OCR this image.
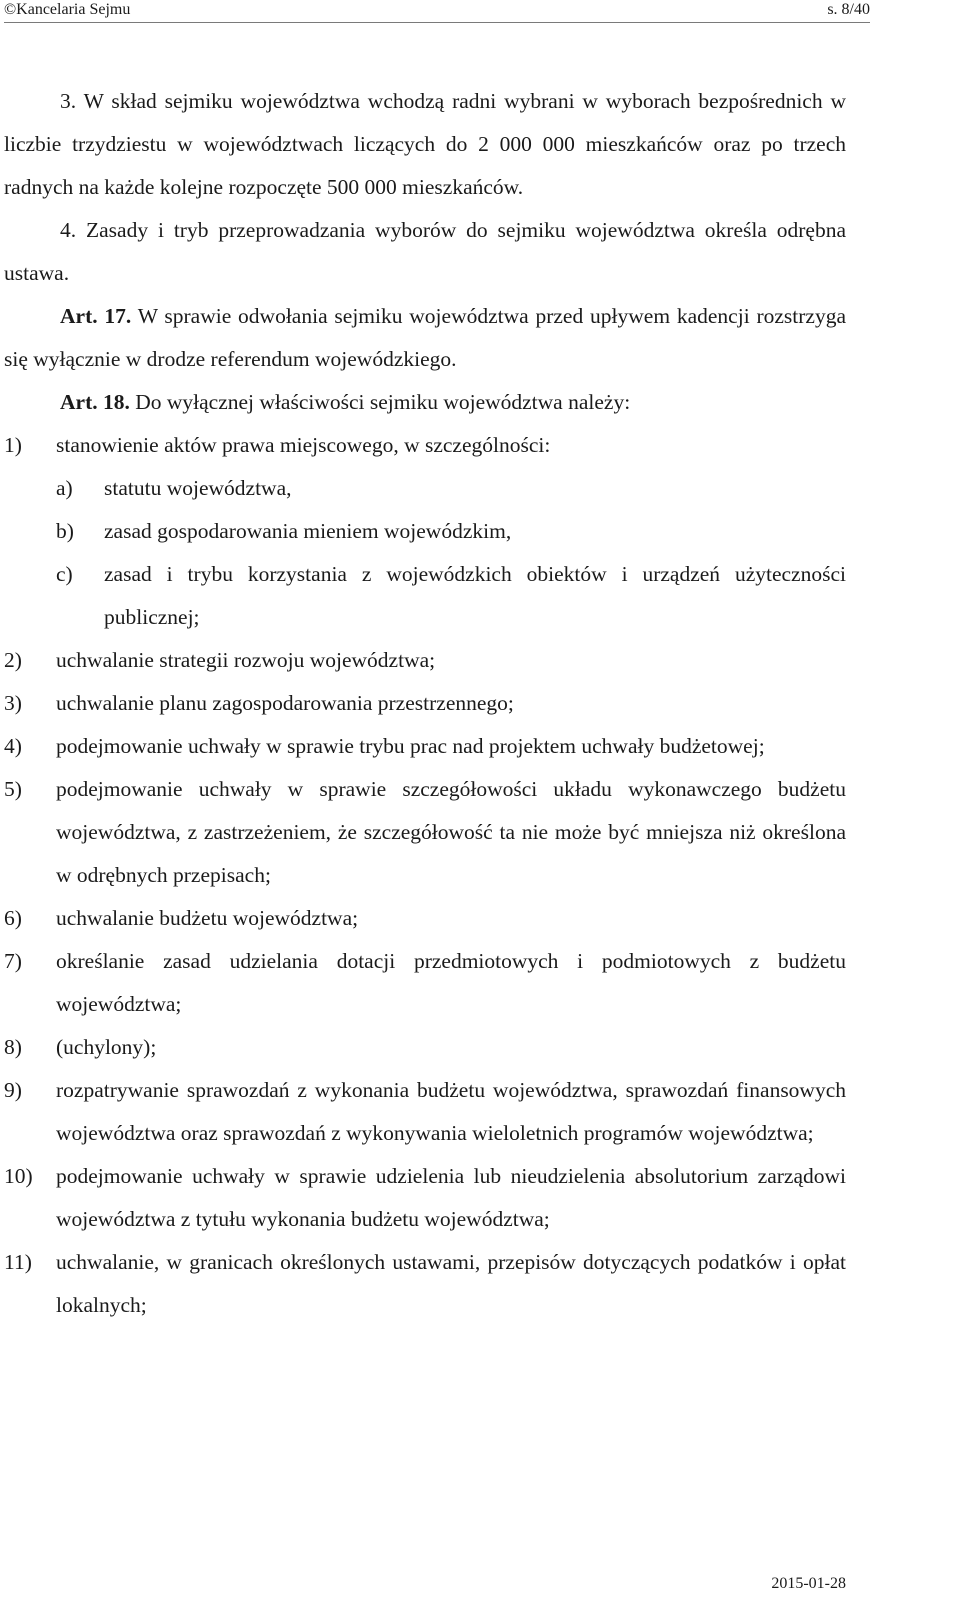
©Kancelaria Sejmu	s. 8/40

3. W skład sejmiku województwa wchodzą radni wybrani w wyborach bezpośrednich w liczbie trzydziestu w województwach liczących do 2 000 000 mieszkańców oraz po trzech radnych na każde kolejne rozpoczęte 500 000 mieszkańców.

4. Zasady i tryb przeprowadzania wyborów do sejmiku województwa określa odrębna ustawa.

Art. 17. W sprawie odwołania sejmiku województwa przed upływem kadencji rozstrzyga się wyłącznie w drodze referendum wojewódzkiego.

Art. 18. Do wyłącznej właściwości sejmiku województwa należy:

1) stanowienie aktów prawa miejscowego, w szczególności:
a) statutu województwa,
b) zasad gospodarowania mieniem wojewódzkim,
c) zasad i trybu korzystania z wojewódzkich obiektów i urządzeń użyteczności publicznej;
2) uchwalanie strategii rozwoju województwa;
3) uchwalanie planu zagospodarowania przestrzennego;
4) podejmowanie uchwały w sprawie trybu prac nad projektem uchwały budżetowej;
5) podejmowanie uchwały w sprawie szczegółowości układu wykonawczego budżetu województwa, z zastrzeżeniem, że szczegółowość ta nie może być mniejsza niż określona w odrębnych przepisach;
6) uchwalanie budżetu województwa;
7) określanie zasad udzielania dotacji przedmiotowych i podmiotowych z budżetu województwa;
8) (uchylony);
9) rozpatrywanie sprawozdań z wykonania budżetu województwa, sprawozdań finansowych województwa oraz sprawozdań z wykonywania wieloletnich programów województwa;
10) podejmowanie uchwały w sprawie udzielenia lub nieudzielenia absolutorium zarządowi województwa z tytułu wykonania budżetu województwa;
11) uchwalanie, w granicach określonych ustawami, przepisów dotyczących podatków i opłat lokalnych;
2015-01-28
